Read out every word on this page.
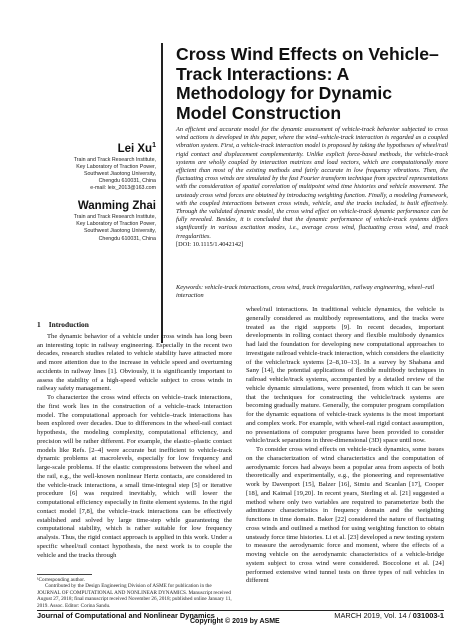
Lei Xu$^1$
Train and Track Research Institute,
Key Laboratory of Traction Power,
Southwest Jiaotong University,
Chengdu 610031, China
e-mail: leix_2013@163.com
Wanming Zhai
Train and Track Research Institute,
Key Laboratory of Traction Power,
Southwest Jiaotong University,
Chengdu 610031, China
Cross Wind Effects on Vehicle–Track Interactions: A Methodology for Dynamic Model Construction
An efficient and accurate model for the dynamic assessment of vehicle-track behavior subjected to cross wind actions is developed in this paper, where the wind–vehicle-track interaction is regarded as a coupled vibration system. First, a vehicle-track interaction model is proposed by taking the hypotheses of wheel/rail rigid contact and displacement complementarity. Unlike explicit force-based methods, the vehicle-track systems are wholly coupled by interaction matrices and load vectors, which are computationally more efficient than most of the existing methods and fairly accurate in low frequency vibrations. Then, the fluctuating cross winds are simulated by the fast Fourier transform technique from spectral representations with the consideration of spatial correlation of multipoint wind time histories and vehicle movement. The unsteady cross wind forces are obtained by introducing weighting function. Finally, a modeling framework, with the coupled interactions between cross winds, vehicle, and the tracks included, is built effectively. Through the validated dynamic model, the cross wind effect on vehicle-track dynamic performance can be fully revealed. Besides, it is concluded that the dynamic performance of vehicle-track systems differs significantly in various excitation modes, i.e., average cross wind, fluctuating cross wind, and track irregularities.
[DOI: 10.1115/1.4042142]
Keywords: vehicle-track interactions, cross wind, track irregularities, railway engineering, wheel–rail interaction
1 Introduction

The dynamic behavior of a vehicle under cross winds has long been an interesting topic in railway engineering. Especially in the recent two decades, research studies related to vehicle stability have attracted more and more attention due to the increase in vehicle speed and overturning accidents in railway lines [1]. Obviously, it is significantly important to assess the stability of a high-speed vehicle subject to cross winds in railway safety management.

To characterize the cross wind effects on vehicle–track interactions, the first work lies in the construction of a vehicle–track interaction model. The computational approach for vehicle–track interactions has been explored over decades. Due to differences in the wheel-rail contact hypothesis, the modeling complexity, computational efficiency, and precision will be rather different. For example, the elastic–plastic contact models like Refs. [2–4] were accurate but inefficient to vehicle-track dynamic problems at macrolevels, especially for low frequency and large-scale problems. If the elastic compressions between the wheel and the rail, e.g., the well-known nonlinear Hertz contacts, are considered in the vehicle-track interactions, a small time-integral step [5] or iterative procedure [6] was required inevitably, which will lower the computational efficiency especially in finite element systems. In the rigid contact model [7,8], the vehicle–track interactions can be effectively established and solved by large time-step while guaranteeing the computational stability, which is rather suitable for low frequency analysis. Thus, the rigid contact approach is applied in this work. Under a specific wheel/rail contact hypothesis, the next work is to couple the vehicle and the tracks through

wheel/rail interactions. In traditional vehicle dynamics, the vehicle is generally considered as multibody representations, and the tracks were treated as the rigid supports [9]. In recent decades, important developments in rolling contact theory and flexible multibody dynamics had laid the foundation for developing new computational approaches to investigate railroad vehicle-track interaction, which considers the elasticity of the vehicle/track systems [2–8,10–13]. In a survey by Shabana and Sany [14], the potential applications of flexible multibody techniques in railroad vehicle/track systems, accompanied by a detailed review of the vehicle dynamic simulations, were presented, from which it can be seen that the techniques for constructing the vehicle/track systems are becoming gradually mature. Generally, the computer program compilation for the dynamic equations of vehicle-track systems is the most important and complex work. For example, with wheel-rail rigid contact assumption, no presentations of computer programs have been provided to consider vehicle/track separations in three-dimensional (3D) space until now.

To consider cross wind effects on vehicle-track dynamics, some issues on the characterization of wind characteristics and the computation of aerodynamic forces had always been a popular area from aspects of both theoretically and experimentally, e.g., the pioneering and representative work by Davenport [15], Balzer [16], Simiu and Scanlan [17], Cooper [18], and Kaimal [19,20]. In recent years, Sterling et al. [21] suggested a method where only two variables are required to parameterize both the admittance characteristics in frequency domain and the weighting functions in time domain. Baker [22] considered the nature of fluctuating cross winds and outlined a method for using weighting function to obtain unsteady force time histories. Li et al. [23] developed a new testing system to measure the aerodynamic force and moment, where the effects of a moving vehicle on the aerodynamic characteristics of a vehicle-bridge system subject to cross wind were considered. Boccolone et al. [24] performed extensive wind tunnel tests on three types of rail vehicles in different

¹Corresponding author.
Contributed by the Design Engineering Division of ASME for publication in the JOURNAL OF COMPUTATIONAL AND NONLINEAR DYNAMICS. Manuscript received August 27, 2018; final manuscript received November 26, 2018; published online January 11, 2019. Assoc. Editor: Corina Sandu.
Journal of Computational and Nonlinear Dynamics	MARCH 2019, Vol. 14 / 031003-1
Copyright © 2019 by ASME
